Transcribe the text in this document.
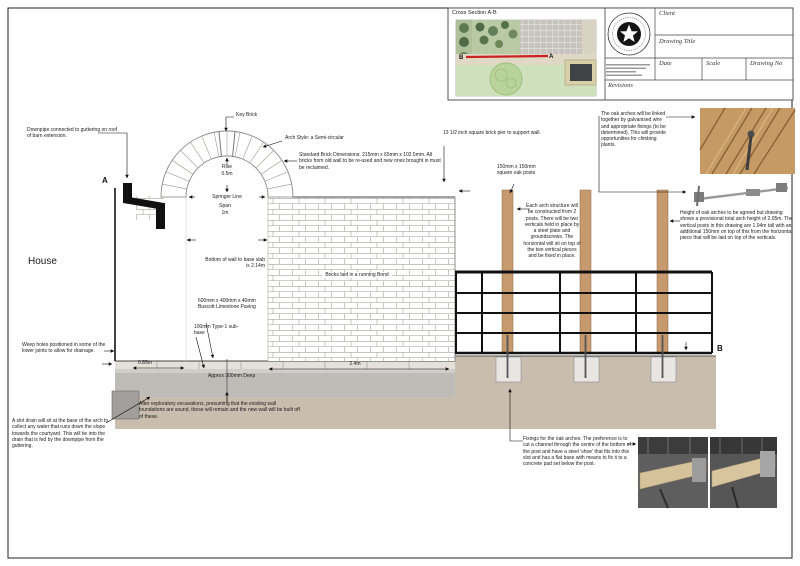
B	A
Cross Section A-B	Client
Drawing Title
Date	Scale	Drawing No
Revisions
Downpipe connected to guttering on roof of barn extension.
Key Brick
Arch Style: a Semi-circular
Standard Brick Dimensions: 215mm x 65mm x 102.5mm. All bricks from old wall to be re-used and new ones brought in must be reclaimed.
Rise
0.5m
Springer Line
Span
1m
Bottom of wall to base slab is 2.14m
Bricks laid in a running Bond
600mm x 400mm x 40mm Buscott Limestone Paving
100mm Type-1 sub-base
Weep holes positioned in some of the lower joints to allow for drainage.
A slot drain will sit at the base of the arch to collect any water that runs down the slope towards the courtyard. This will tie into the drain that is fed by the downpipe from the guttering.
After exploratory excavations, presuming that the existing wall foundations are sound, these will remain and the new wall will be built off of these.
0.85m	2.4m
Approx 300mm Deep
House
A
B
13 1/2 inch square brick pier to support wall.
150mm x 150mm square oak posts
Each arch structure will be constructed from 2 posts. There will be two verticals held in place by a steel plate and groundscrews. The horizontal will sit on top of the two vertical pieces and be fixed in place.
The oak arches will be linked together by galvanised wire and appropriate fixings (to be determined). This will provide opportunities for climbing plants.
Height of oak arches to be agreed but drawing shows a provisional total arch height of 2.05m. The vertical posts in this drawing are 1.94m tall with an additional 150mm on top of this from the horizontal piece that will be laid on top of the verticals.
Fixings for the oak arches: The preference is to cut a channel through the centre of the bottom of the post and have a steel 'shoe' that fits into this slot and has a flat base with means to fix it to a concrete pad set below the post.
